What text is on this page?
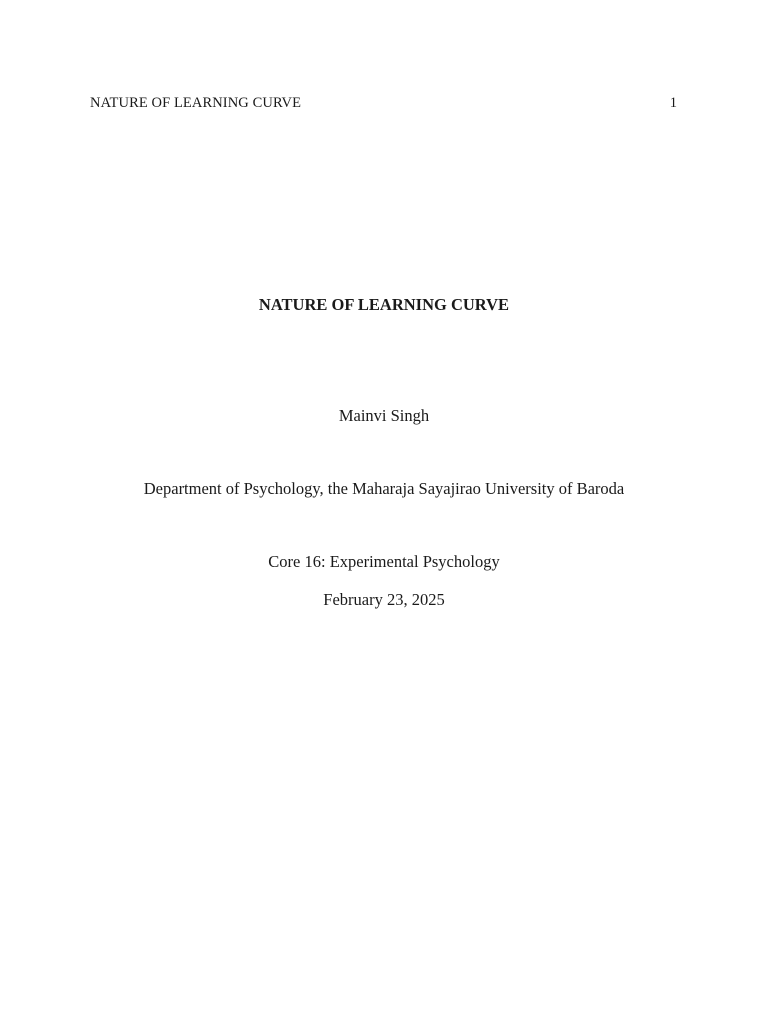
NATURE OF LEARNING CURVE	1
NATURE OF LEARNING CURVE
Mainvi Singh
Department of Psychology, the Maharaja Sayajirao University of Baroda
Core 16: Experimental Psychology
February 23, 2025
